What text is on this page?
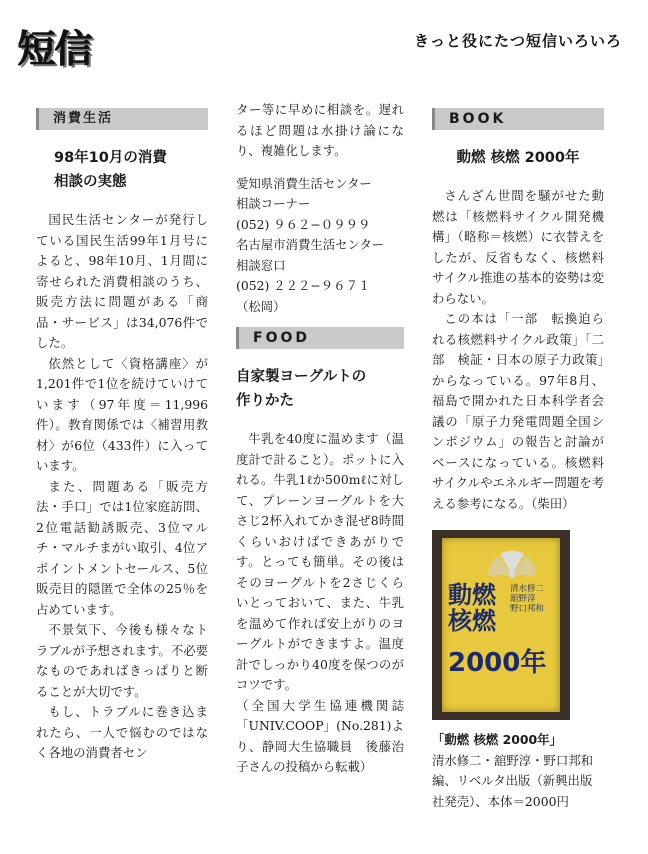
短信	きっと役にたつ短信いろいろ
消費生活
98年10月の消費
相談の実態

国民生活センターが発行している国民生活99年1月号によると、98年10月、1月間に寄せられた消費相談のうち、販売方法に問題がある「商品・サービス」は34,076件でした。

依然として〈資格講座〉が1,201件で1位を続けていけています（97年度＝11,996件）。教育関係では〈補習用教材〉が6位（433件）に入っています。

また、問題ある「販売方法・手口」では1位家庭訪問、2位電話勧誘販売、3位マルチ・マルチまがい取引、4位アポイントメントセールス、5位販売目的隠匿で全体の25％を占めています。

不景気下、今後も様々なトラブルが予想されます。不必要なものであればきっぱりと断ることが大切です。

もし、トラブルに巻き込まれたら、一人で悩むのではなく各地の消費者セン

ター等に早めに相談を。遅れるほど問題は水掛け論になり、複雑化します。

愛知県消費生活センター

相談コーナー

(052) ９６２−０９９９

名古屋市消費生活センター

相談窓口

(052) ２２２−９６７１

（松岡）

FOOD
自家製ヨーグルトの
作りかた

牛乳を40度に温めます（温度計で計ること）。ポットに入れる。牛乳1ℓか500mℓに対して、プレーンヨーグルトを大さじ2杯入れてかき混ぜ8時間くらいおけばできあがりです。とっても簡単。その後はそのヨーグルトを2さじくらいとっておいて、また、牛乳を温めて作れば安上がりのヨーグルトができますよ。温度計でしっかり40度を保つのがコツです。

（全国大学生協連機関誌「UNIV.COOP」(No.281)より、静岡大生協職員　後藤治子さんの投稿から転載）

BOOK
動燃 核燃 2000年

さんざん世間を騒がせた動燃は「核燃料サイクル開発機構」（略称＝核燃）に衣替えをしたが、反省もなく、核燃料サイクル推進の基本的姿勢は変わらない。

この本は「一部　転換迫られる核燃料サイクル政策」「二部　検証・日本の原子力政策」からなっている。97年8月、福島で開かれた日本科学者会議の「原子力発電問題全国シンポジウム」の報告と討論がベースになっている。核燃料サイクルやエネルギー問題を考える参考になる。（柴田）

動燃
核燃
清水修二
舘野淳
野口邦和
2000年

「動燃 核燃 2000年」

清水修二・舘野淳・野口邦和編、リベルタ出版（新興出版社発売）、本体＝2000円
